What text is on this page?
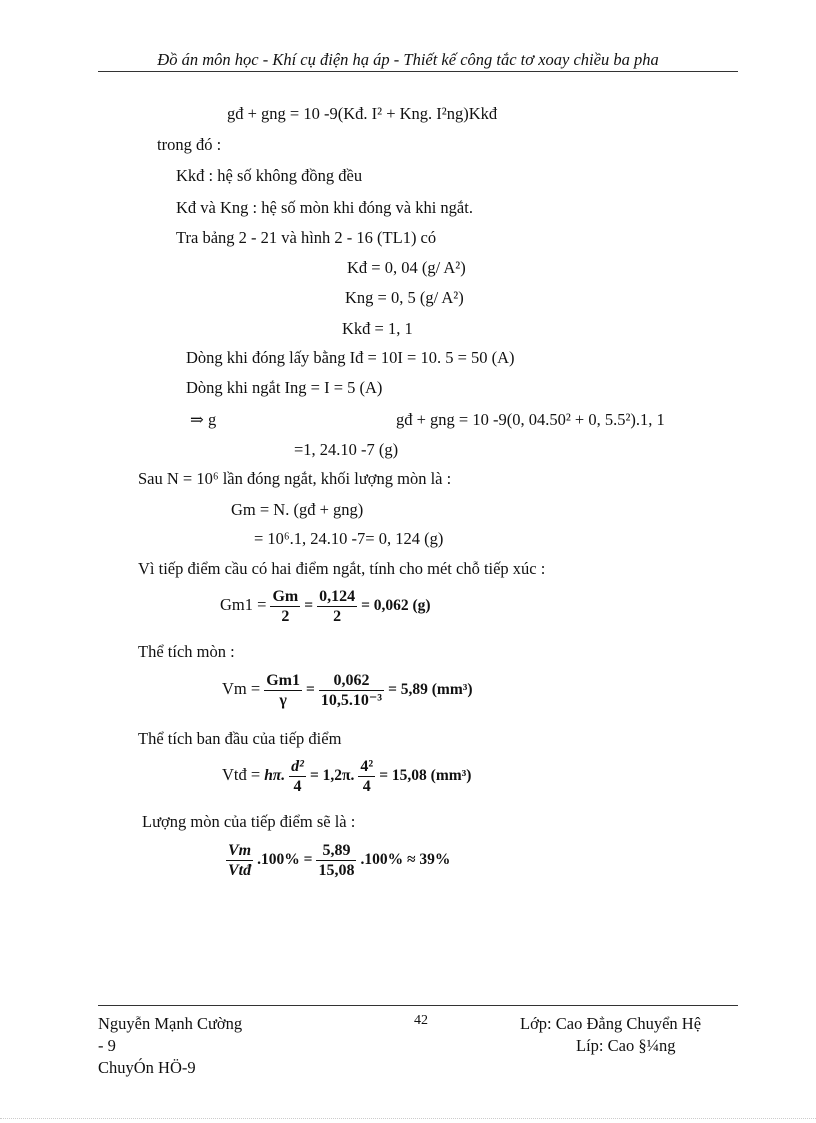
Đồ án môn học - Khí cụ điện hạ áp - Thiết kế công tắc tơ xoay chiều ba pha
gđ + gng = 10 -9(Kđ. I² + Kng. I²ng)Kkđ
trong đó :
Kkđ : hệ số không đồng đều
Kđ và Kng : hệ số mòn khi đóng và khi ngắt.
Tra bảng 2 - 21 và hình 2 - 16 (TL1) có
Kđ = 0, 04 (g/ A²)
Kng = 0, 5 (g/ A²)
Kkđ = 1, 1
Dòng khi đóng lấy bằng Iđ = 10I = 10. 5 = 50 (A)
Dòng khi ngắt Ing = I = 5 (A)
⇒ g	gđ + gng = 10 -9(0, 04.50² + 0, 5.5²).1, 1
=1, 24.10 -7 (g)
Sau N = 10⁶ lần đóng ngắt, khối lượng mòn là :
Gm = N. (gđ + gng)
= 10⁶.1, 24.10 -7= 0, 124 (g)
Vì tiếp điểm cầu có hai điểm ngắt, tính cho mét chỗ tiếp xúc :
$Gm1 = \frac{Gm}{2} = \frac{0,124}{2} = 0,062$ (g)
Thể tích mòn :
$Vm = \frac{Gm1}{\gamma} = \frac{0,062}{\text{10,5.10⁻³}} = 5,89$ (mm³)
Thể tích ban đầu của tiếp điểm
Vtđ = hπ. $\frac{\text{d²}}{4} = 1,2\pi$. $\frac{\text{4²}}{4} = 15,08$ (mm³)
Lượng mòn của tiếp điểm sẽ là :
$\frac{Vm}{\text{Vtđ}} .100\% = \frac{5,89}{15,08} .100\% \approx 39\%$
Nguyễn Mạnh Cường
- 9
ChuyÓn HÖ-9
42	Lớp: Cao Đẳng Chuyển Hệ
Líp: Cao §¼ng
